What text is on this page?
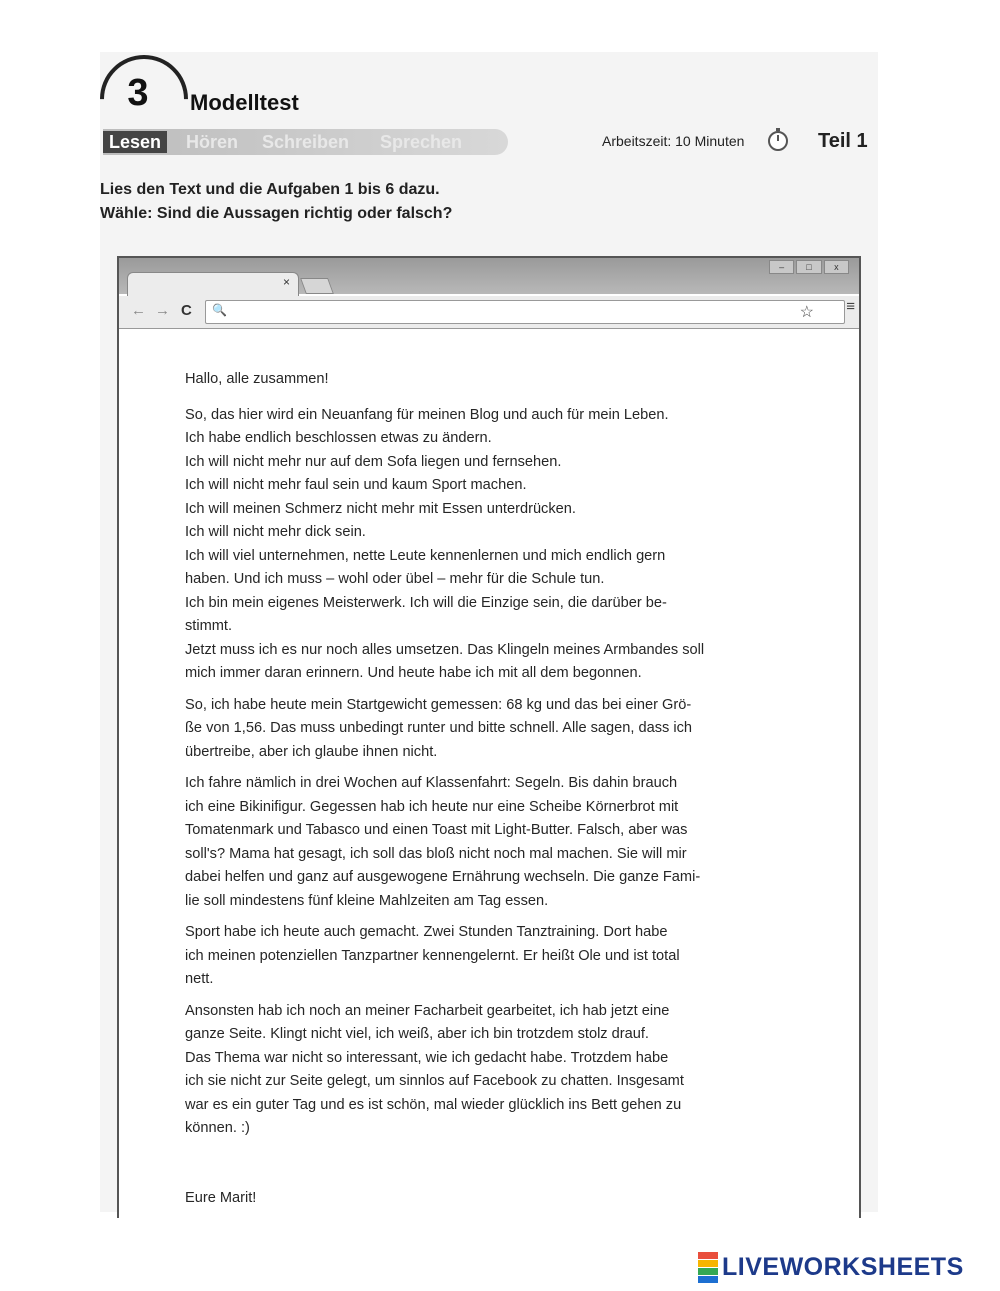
3	Modelltest
Lesen	Hören Schreiben Sprechen	Arbeitszeit: 10 Minuten	Teil 1
Lies den Text und die Aufgaben 1 bis 6 dazu.
Wähle: Sind die Aussagen richtig oder falsch?
–	□	x
×
← → C 🔍	☆ ≡

Hallo, alle zusammen!

So, das hier wird ein Neuanfang für meinen Blog und auch für mein Leben.
Ich habe endlich beschlossen etwas zu ändern.
Ich will nicht mehr nur auf dem Sofa liegen und fernsehen.
Ich will nicht mehr faul sein und kaum Sport machen.
Ich will meinen Schmerz nicht mehr mit Essen unterdrücken.
Ich will nicht mehr dick sein.
Ich will viel unternehmen, nette Leute kennenlernen und mich endlich gern
haben. Und ich muss – wohl oder übel – mehr für die Schule tun.
Ich bin mein eigenes Meisterwerk. Ich will die Einzige sein, die darüber be-
stimmt.
Jetzt muss ich es nur noch alles umsetzen. Das Klingeln meines Armbandes soll
mich immer daran erinnern. Und heute habe ich mit all dem begonnen.

So, ich habe heute mein Startgewicht gemessen: 68 kg und das bei einer Grö-
ße von 1,56. Das muss unbedingt runter und bitte schnell. Alle sagen, dass ich
übertreibe, aber ich glaube ihnen nicht.

Ich fahre nämlich in drei Wochen auf Klassenfahrt: Segeln. Bis dahin brauch
ich eine Bikinifigur. Gegessen hab ich heute nur eine Scheibe Körnerbrot mit
Tomatenmark und Tabasco und einen Toast mit Light-Butter. Falsch, aber was
soll's? Mama hat gesagt, ich soll das bloß nicht noch mal machen. Sie will mir
dabei helfen und ganz auf ausgewogene Ernährung wechseln. Die ganze Fami-
lie soll mindestens fünf kleine Mahlzeiten am Tag essen.

Sport habe ich heute auch gemacht. Zwei Stunden Tanztraining. Dort habe
ich meinen potenziellen Tanzpartner kennengelernt. Er heißt Ole und ist total
nett.

Ansonsten hab ich noch an meiner Facharbeit gearbeitet, ich hab jetzt eine
ganze Seite. Klingt nicht viel, ich weiß, aber ich bin trotzdem stolz drauf.
Das Thema war nicht so interessant, wie ich gedacht habe. Trotzdem habe
ich sie nicht zur Seite gelegt, um sinnlos auf Facebook zu chatten. Insgesamt
war es ein guter Tag und es ist schön, mal wieder glücklich ins Bett gehen zu
können. :)

Eure Marit!

LIVEWORKSHEETS
